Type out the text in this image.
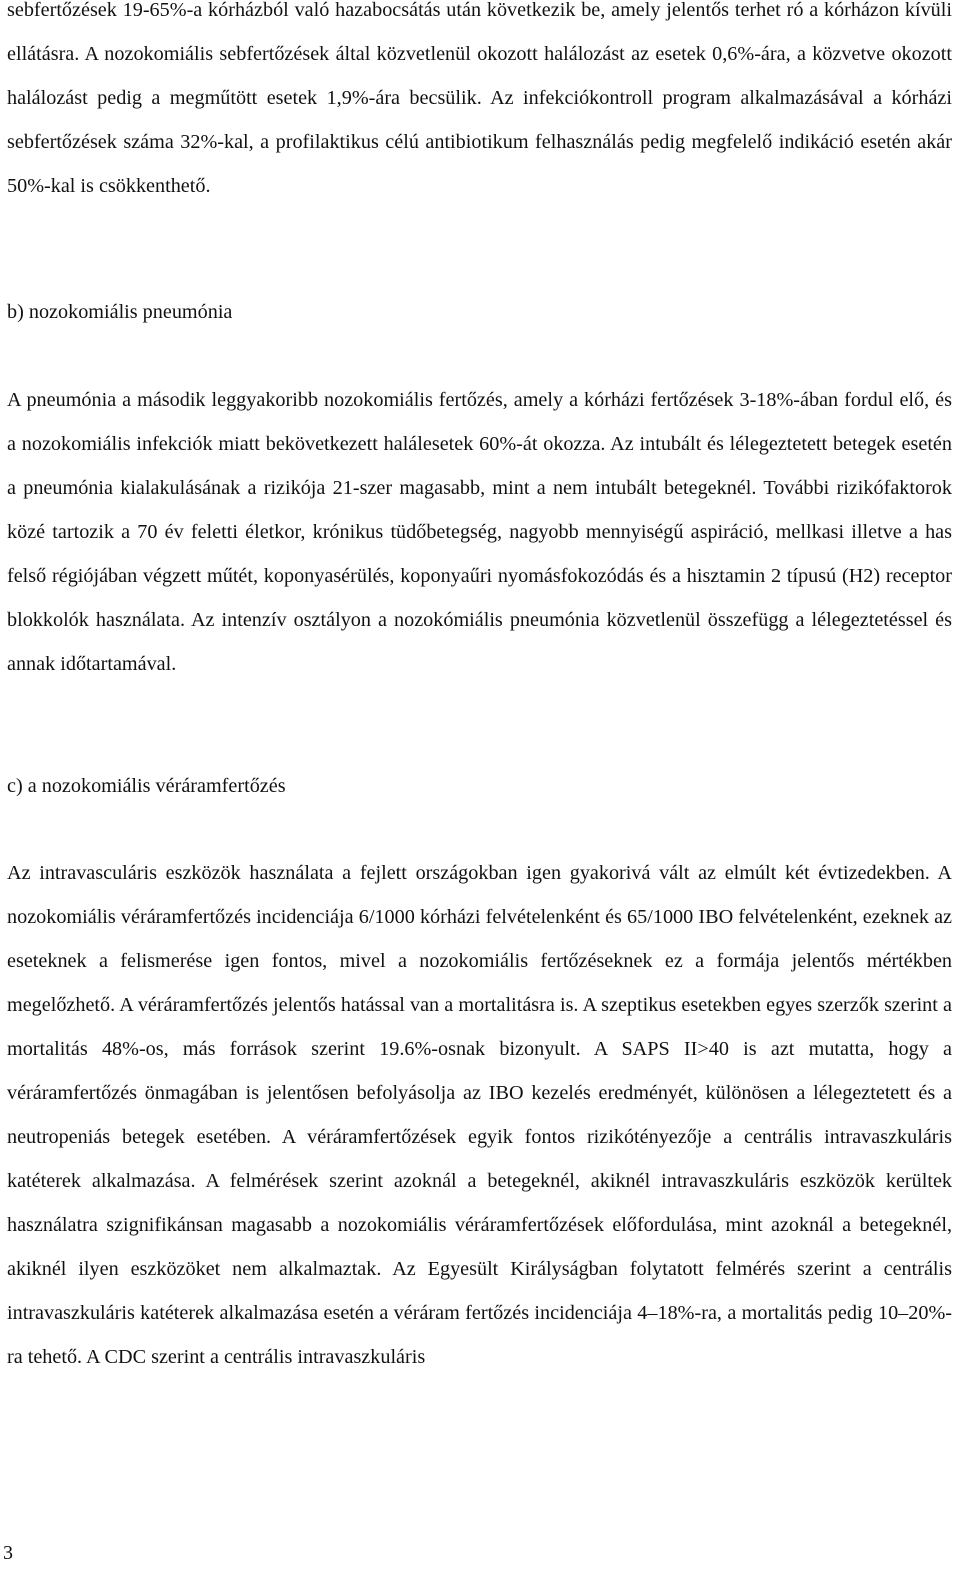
sebfertőzések 19-65%-a kórházból való hazabocsátás után következik be, amely jelentős terhet ró a kórházon kívüli ellátásra. A nozokomiális sebfertőzések által közvetlenül okozott halálozást az esetek 0,6%-ára, a közvetve okozott halálozást pedig a megműtött esetek 1,9%-ára becsülik. Az infekciókontroll program alkalmazásával a kórházi sebfertőzések száma 32%-kal, a profilaktikus célú antibiotikum felhasználás pedig megfelelő indikáció esetén akár 50%-kal is csökkenthető.

b) nozokomiális pneumónia

A pneumónia a második leggyakoribb nozokomiális fertőzés, amely a kórházi fertőzések 3-18%-ában fordul elő, és a nozokomiális infekciók miatt bekövetkezett halálesetek 60%-át okozza. Az intubált és lélegeztetett betegek esetén a pneumónia kialakulásának a rizikója 21-szer magasabb, mint a nem intubált betegeknél. További rizikófaktorok közé tartozik a 70 év feletti életkor, krónikus tüdőbetegség, nagyobb mennyiségű aspiráció, mellkasi illetve a has felső régiójában végzett műtét, koponyasérülés, koponyaűri nyomásfokozódás és a hisztamin 2 típusú (H2) receptor blokkolók használata. Az intenzív osztályon a nozokómiális pneumónia közvetlenül összefügg a lélegeztetéssel és annak időtartamával.

c) a nozokomiális véráramfertőzés

Az intravasculáris eszközök használata a fejlett országokban igen gyakorivá vált az elmúlt két évtizedekben. A nozokomiális véráramfertőzés incidenciája 6/1000 kórházi felvételenként és 65/1000 IBO felvételenként, ezeknek az eseteknek a felismerése igen fontos, mivel a nozokomiális fertőzéseknek ez a formája jelentős mértékben megelőzhető. A véráramfertőzés jelentős hatással van a mortalitásra is. A szeptikus esetekben egyes szerzők szerint a mortalitás 48%-os, más források szerint 19.6%-osnak bizonyult. A SAPS II>40 is azt mutatta, hogy a véráramfertőzés önmagában is jelentősen befolyásolja az IBO kezelés eredményét, különösen a lélegeztetett és a neutropeniás betegek esetében. A véráramfertőzések egyik fontos rizikótényezője a centrális intravaszkuláris katéterek alkalmazása. A felmérések szerint azoknál a betegeknél, akiknél intravaszkuláris eszközök kerültek használatra szignifikánsan magasabb a nozokomiális véráramfertőzések előfordulása, mint azoknál a betegeknél, akiknél ilyen eszközöket nem alkalmaztak. Az Egyesült Királyságban folytatott felmérés szerint a centrális intravaszkuláris katéterek alkalmazása esetén a véráram fertőzés incidenciája 4–18%-ra, a mortalitás pedig 10–20%-ra tehető. A CDC szerint a centrális intravaszkuláris

3
